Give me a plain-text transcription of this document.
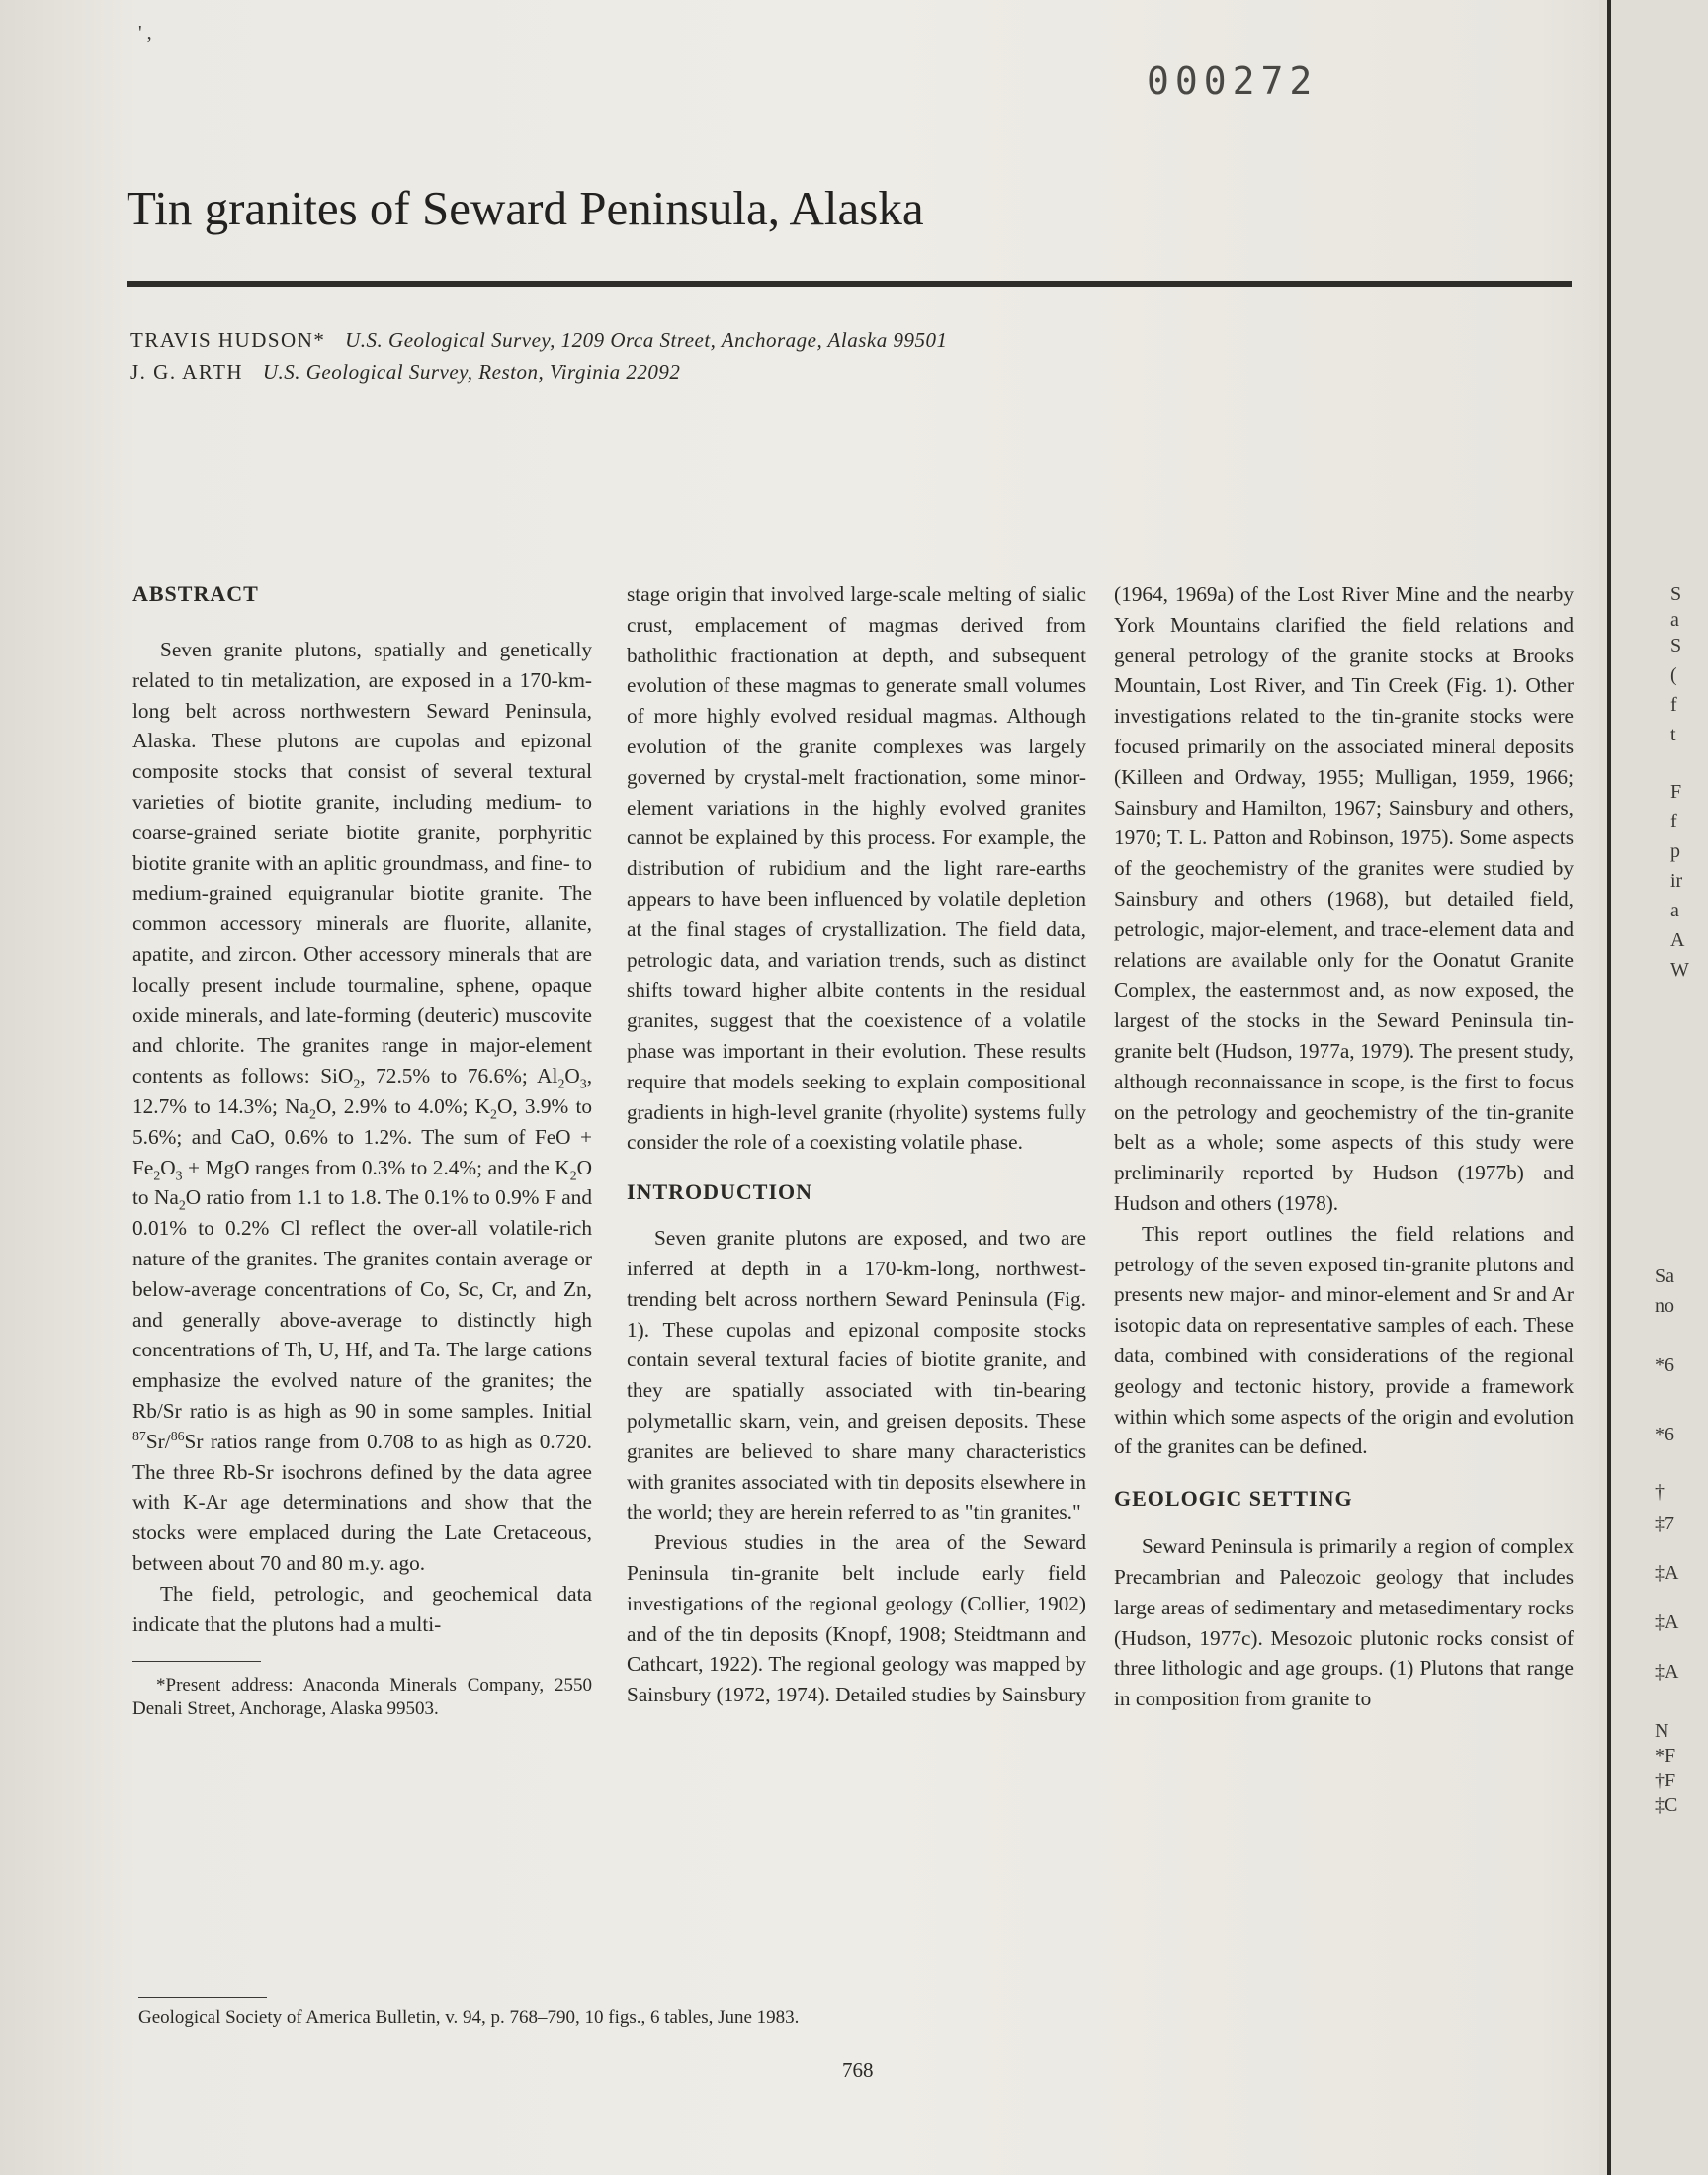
' ,
000272
Tin granites of Seward Peninsula, Alaska
TRAVIS HUDSON* U.S. Geological Survey, 1209 Orca Street, Anchorage, Alaska 99501
J. G. ARTH U.S. Geological Survey, Reston, Virginia 22092
ABSTRACT

Seven granite plutons, spatially and genetically related to tin metalization, are exposed in a 170-km-long belt across northwestern Seward Peninsula, Alaska. These plutons are cupolas and epizonal composite stocks that consist of several textural varieties of biotite granite, including medium- to coarse-grained seriate biotite granite, porphyritic biotite granite with an aplitic groundmass, and fine- to medium-grained equigranular biotite granite. The common accessory minerals are fluorite, allanite, apatite, and zircon. Other accessory minerals that are locally present include tourmaline, sphene, opaque oxide minerals, and late-forming (deuteric) muscovite and chlorite. The granites range in major-element contents as follows: SiO$_2$, 72.5% to 76.6%; $Al_2O_3$, 12.7% to 14.3%; $Na_2O$, 2.9% to 4.0%; $K_2O$, 3.9% to 5.6%; and CaO, 0.6% to 1.2%. The sum of FeO + $Fe_2O_3$ + MgO ranges from 0.3% to 2.4%; and the $K_2O$ to $Na_2O$ ratio from 1.1 to 1.8. The 0.1% to 0.9% F and 0.01% to 0.2% Cl reflect the over-all volatile-rich nature of the granites. The granites contain average or below-average concentrations of Co, Sc, Cr, and Zn, and generally above-average to distinctly high concentrations of Th, U, Hf, and Ta. The large cations emphasize the evolved nature of the granites; the Rb/Sr ratio is as high as 90 in some samples. Initial $^{87}$Sr/$^{86}$Sr ratios range from 0.708 to as high as 0.720. The three Rb-Sr isochrons defined by the data agree with K-Ar age determinations and show that the stocks were emplaced during the Late Cretaceous, between about 70 and 80 m.y. ago.

The field, petrologic, and geochemical data indicate that the plutons had a multi-

*Present address: Anaconda Minerals Company, 2550 Denali Street, Anchorage, Alaska 99503.

stage origin that involved large-scale melting of sialic crust, emplacement of magmas derived from batholithic fractionation at depth, and subsequent evolution of these magmas to generate small volumes of more highly evolved residual magmas. Although evolution of the granite complexes was largely governed by crystal-melt fractionation, some minor-element variations in the highly evolved granites cannot be explained by this process. For example, the distribution of rubidium and the light rare-earths appears to have been influenced by volatile depletion at the final stages of crystallization. The field data, petrologic data, and variation trends, such as distinct shifts toward higher albite contents in the residual granites, suggest that the coexistence of a volatile phase was important in their evolution. These results require that models seeking to explain compositional gradients in high-level granite (rhyolite) systems fully consider the role of a coexisting volatile phase.

INTRODUCTION

Seven granite plutons are exposed, and two are inferred at depth in a 170-km-long, northwest-trending belt across northern Seward Peninsula (Fig. 1). These cupolas and epizonal composite stocks contain several textural facies of biotite granite, and they are spatially associated with tin-bearing polymetallic skarn, vein, and greisen deposits. These granites are believed to share many characteristics with granites associated with tin deposits elsewhere in the world; they are herein referred to as "tin granites."

Previous studies in the area of the Seward Peninsula tin-granite belt include early field investigations of the regional geology (Collier, 1902) and of the tin deposits (Knopf, 1908; Steidtmann and Cathcart, 1922). The regional geology was mapped by Sainsbury (1972, 1974). Detailed studies by Sainsbury

(1964, 1969a) of the Lost River Mine and the nearby York Mountains clarified the field relations and general petrology of the granite stocks at Brooks Mountain, Lost River, and Tin Creek (Fig. 1). Other investigations related to the tin-granite stocks were focused primarily on the associated mineral deposits (Killeen and Ordway, 1955; Mulligan, 1959, 1966; Sainsbury and Hamilton, 1967; Sainsbury and others, 1970; T. L. Patton and Robinson, 1975). Some aspects of the geochemistry of the granites were studied by Sainsbury and others (1968), but detailed field, petrologic, major-element, and trace-element data and relations are available only for the Oonatut Granite Complex, the easternmost and, as now exposed, the largest of the stocks in the Seward Peninsula tin-granite belt (Hudson, 1977a, 1979). The present study, although reconnaissance in scope, is the first to focus on the petrology and geochemistry of the tin-granite belt as a whole; some aspects of this study were preliminarily reported by Hudson (1977b) and Hudson and others (1978).

This report outlines the field relations and petrology of the seven exposed tin-granite plutons and presents new major- and minor-element and Sr and Ar isotopic data on representative samples of each. These data, combined with considerations of the regional geology and tectonic history, provide a framework within which some aspects of the origin and evolution of the granites can be defined.

GEOLOGIC SETTING

Seward Peninsula is primarily a region of complex Precambrian and Paleozoic geology that includes large areas of sedimentary and metasedimentary rocks (Hudson, 1977c). Mesozoic plutonic rocks consist of three lithologic and age groups. (1) Plutons that range in composition from granite to

Geological Society of America Bulletin, v. 94, p. 768–790, 10 figs., 6 tables, June 1983.
768
S
a
S
(
f
t
F
f
p
ir
a
A
W
Sa
no
*6
*6
†
‡7
‡A
‡A
‡A
N
*F
†F
‡C
